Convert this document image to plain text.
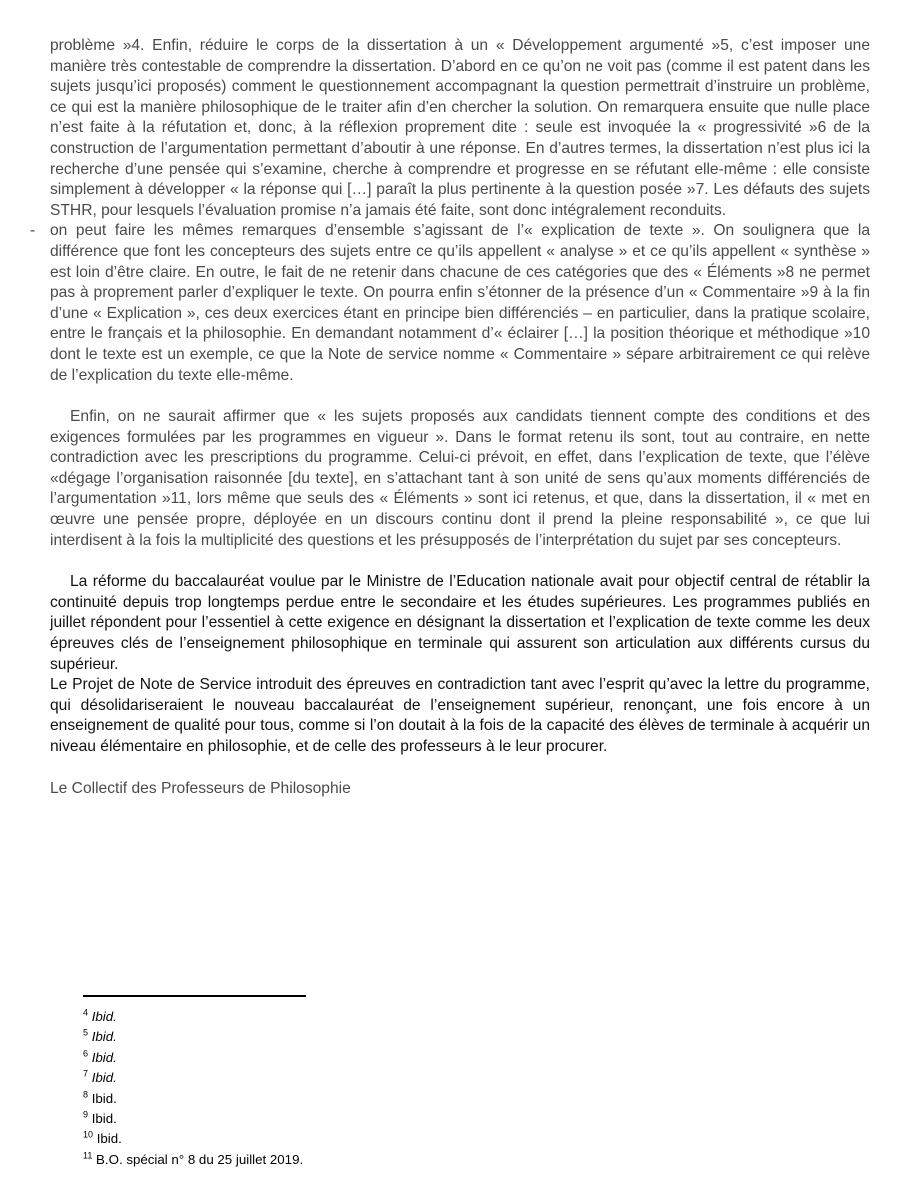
problème »4. Enfin, réduire le corps de la dissertation à un « Développement argumenté »5, c’est imposer une manière très contestable de comprendre la dissertation. D’abord en ce qu’on ne voit pas (comme il est patent dans les sujets jusqu’ici proposés) comment le questionnement accompagnant la question permettrait d’instruire un problème, ce qui est la manière philosophique de le traiter afin d’en chercher la solution. On remarquera ensuite que nulle place n’est faite à la réfutation et, donc, à la réflexion proprement dite : seule est invoquée la « progressivité »6 de la construction de l’argumentation permettant d’aboutir à une réponse. En d’autres termes, la dissertation n’est plus ici la recherche d’une pensée qui s’examine, cherche à comprendre et progresse en se réfutant elle-même : elle consiste simplement à développer « la réponse qui […] paraît la plus pertinente à la question posée »7. Les défauts des sujets STHR, pour lesquels l’évaluation promise n’a jamais été faite, sont donc intégralement reconduits.

- on peut faire les mêmes remarques d’ensemble s’agissant de l’« explication de texte ». On soulignera que la différence que font les concepteurs des sujets entre ce qu’ils appellent « analyse » et ce qu’ils appellent « synthèse » est loin d’être claire. En outre, le fait de ne retenir dans chacune de ces catégories que des « Éléments »8 ne permet pas à proprement parler d’expliquer le texte. On pourra enfin s’étonner de la présence d’un « Commentaire »9 à la fin d’une « Explication », ces deux exercices étant en principe bien différenciés – en particulier, dans la pratique scolaire, entre le français et la philosophie. En demandant notamment d’« éclairer […] la position théorique et méthodique »10 dont le texte est un exemple, ce que la Note de service nomme « Commentaire » sépare arbitrairement ce qui relève de l’explication du texte elle-même.

Enfin, on ne saurait affirmer que « les sujets proposés aux candidats tiennent compte des conditions et des exigences formulées par les programmes en vigueur ». Dans le format retenu ils sont, tout au contraire, en nette contradiction avec les prescriptions du programme. Celui-ci prévoit, en effet, dans l’explication de texte, que l’élève «dégage l’organisation raisonnée [du texte], en s’attachant tant à son unité de sens qu’aux moments différenciés de l’argumentation »11, lors même que seuls des « Éléments » sont ici retenus, et que, dans la dissertation, il « met en œuvre une pensée propre, déployée en un discours continu dont il prend la pleine responsabilité », ce que lui interdisent à la fois la multiplicité des questions et les présupposés de l’interprétation du sujet par ses concepteurs.

La réforme du baccalauréat voulue par le Ministre de l’Education nationale avait pour objectif central de rétablir la continuité depuis trop longtemps perdue entre le secondaire et les études supérieures. Les programmes publiés en juillet répondent pour l’essentiel à cette exigence en désignant la dissertation et l’explication de texte comme les deux épreuves clés de l’enseignement philosophique en terminale qui assurent son articulation aux différents cursus du supérieur.

Le Projet de Note de Service introduit des épreuves en contradiction tant avec l’esprit qu’avec la lettre du programme, qui désolidariseraient le nouveau baccalauréat de l’enseignement supérieur, renonçant, une fois encore à un enseignement de qualité pour tous, comme si l’on doutait à la fois de la capacité des élèves de terminale à acquérir un niveau élémentaire en philosophie, et de celle des professeurs à le leur procurer.

Le Collectif des Professeurs de Philosophie

$^4$ Ibid.
$^5$ Ibid.
$^6$ Ibid.
$^7$ Ibid.
$^8$ Ibid.
$^9$ Ibid.
$^{10}$ Ibid.
$^{11}$ B.O. spécial n° 8 du 25 juillet 2019.
